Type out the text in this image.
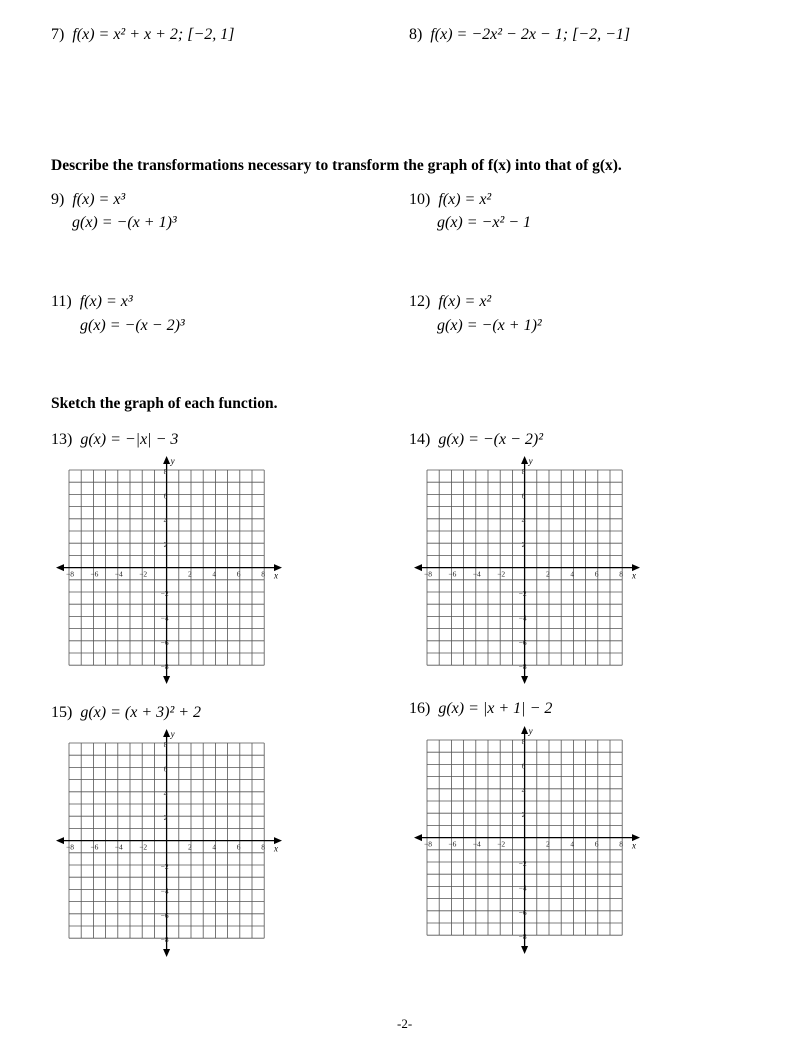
7) f(x) = x² + x + 2; [−2, 1]	8) f(x) = −2x² − 2x − 1; [−2, −1]
Describe the transformations necessary to transform the graph of f(x) into that of g(x).
9) f(x) = x³
g(x) = −(x + 1)³
10) f(x) = x²
g(x) = −x² − 1
11) f(x) = x³
g(x) = −(x − 2)³
12) f(x) = x²
g(x) = −(x + 1)²
Sketch the graph of each function.
13) g(x) = −|x| − 3	14) g(x) = −(x − 2)²
15) g(x) = (x + 3)² + 2	16) g(x) = |x + 1| − 2
x
y
−8 −6 −4 −2	2	4	6	8
8
6
4
2
−2
−4
−6
−8
x
y
−8 −6 −4 −2	2	4	6	8
8
6
4
2
−2
−4
−6
−8
x
y
−8 −6 −4 −2	2	4	6	8
8
6
4
2
−2
−4
−6
−8
x
y
−8 −6 −4 −2	2	4	6	8
8
6
4
2
−2
−4
−6
−8
-2-
